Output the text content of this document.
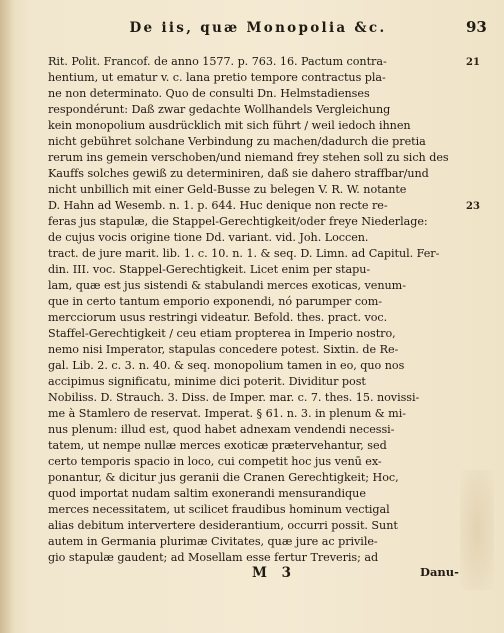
De iis, quæ Monopolia &c.	93
21
23
Rit. Polit. Francof. de anno 1577. p. 763. 16. Pactum contra-
hentium, ut ematur v. c. lana pretio tempore contractus pla-
ne non determinato. Quo de consulti Dn. Helmstadienses
respondérunt: Daß zwar gedachte Wollhandels Vergleichung
kein monopolium ausdrücklich mit sich führt / weil iedoch ihnen
nicht gebühret solchane Verbindung zu machen/dadurch die pretia
rerum ins gemein verschoben/und niemand frey stehen soll zu sich des
Kauffs solches gewiß zu determiniren, daß sie dahero straffbar/und
nicht unbillich mit einer Geld-Busse zu belegen V. R. W. notante
D. Hahn ad Wesemb. n. 1. p. 644. Huc denique non recte re-
feras jus stapulæ, die Stappel-Gerechtigkeit/oder freye Niederlage:
de cujus vocis origine tione Dd. variant. vid. Joh. Loccen.
tract. de jure marit. lib. 1. c. 10. n. 1. & seq. D. Limn. ad Capitul. Fer-
din. III. voc. Stappel-Gerechtigkeit. Licet enim per stapu-
lam, quæ est jus sistendi & stabulandi merces exoticas, venum-
que in certo tantum emporio exponendi, nó parumper com-
mercciorum usus restringi videatur. Befold. thes. pract. voc.
Staffel-Gerechtigkeit / ceu etiam propterea in Imperio nostro,
nemo nisi Imperator, stapulas concedere potest. Sixtin. de Re-
gal. Lib. 2. c. 3. n. 40. & seq. monopolium tamen in eo, quo nos
accipimus significatu, minime dici poterit. Dividitur post
Nobiliss. D. Strauch. 3. Diss. de Imper. mar. c. 7. thes. 15. novissi-
me à Stamlero de reservat. Imperat. § 61. n. 3. in plenum & mi-
nus plenum: illud est, quod habet adnexam vendendi necessi-
tatem, ut nempe nullæ merces exoticæ prætervehantur, sed
certo temporis spacio in loco, cui competit hoc jus venū ex-
ponantur, & dicitur jus geranii die Cranen Gerechtigkeit; Hoc,
quod importat nudam saltim exonerandi mensurandique
merces necessitatem, ut scilicet fraudibus hominum vectigal
alias debitum intervertere desiderantium, occurri possit. Sunt
autem in Germania plurimæ Civitates, quæ jure ac privile-
gio stapulæ gaudent; ad Mosellam esse fertur Treveris; ad
M 3	Danu-
